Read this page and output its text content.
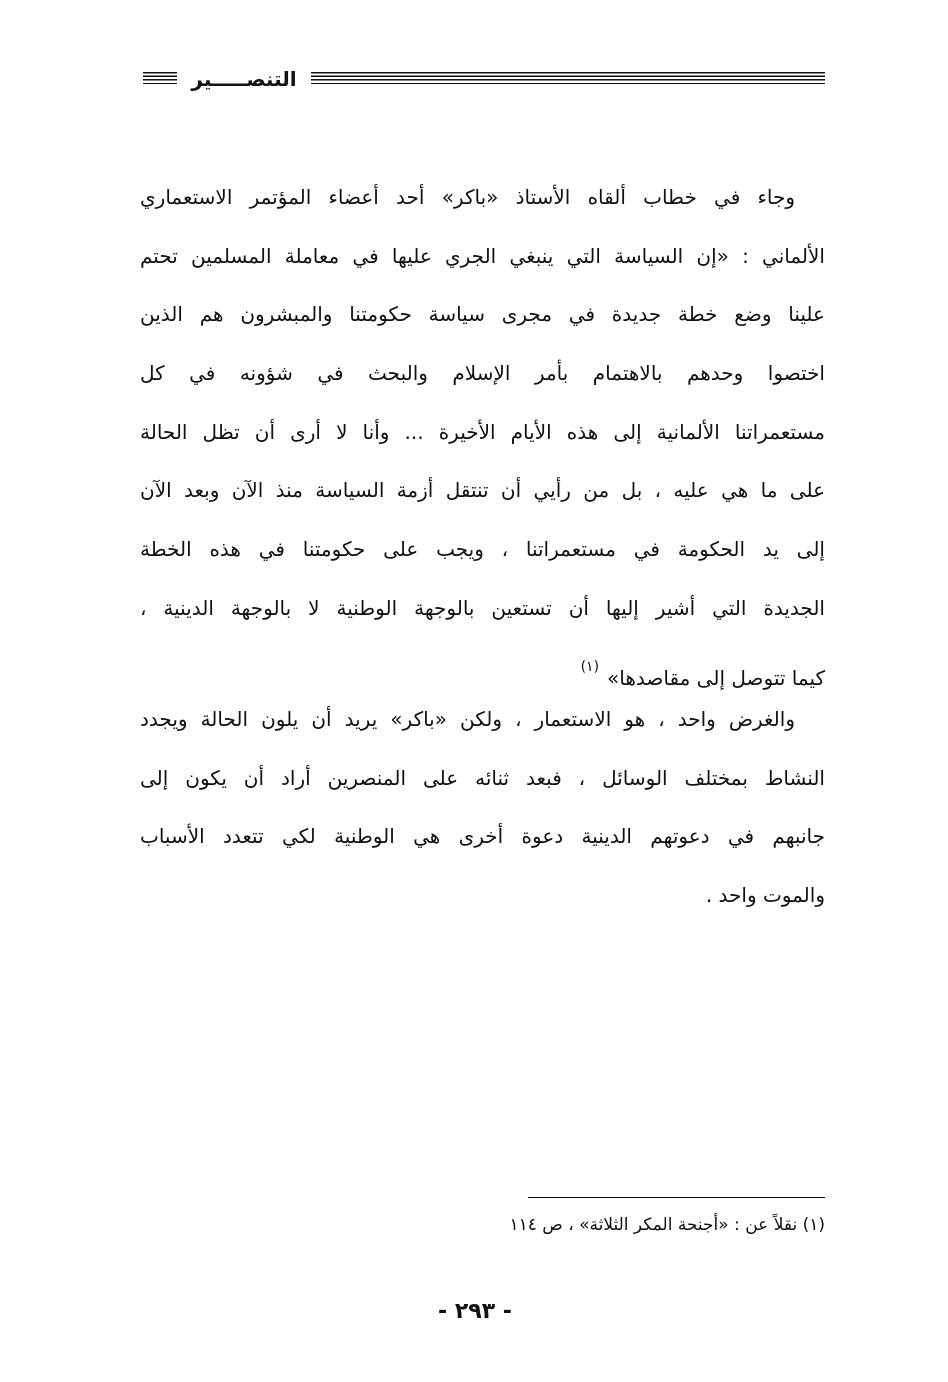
التنصـــــير
وجاء في خطاب ألقاه الأستاذ «باكر» أحد أعضاء المؤتمر الاستعماري
الألماني : «إن السياسة التي ينبغي الجري عليها في معاملة المسلمين تحتم
علينا وضع خطة جديدة في مجرى سياسة حكومتنا والمبشرون هم الذين
اختصوا وحدهم بالاهتمام بأمر الإسلام والبحث في شؤونه في كل
مستعمراتنا الألمانية إلى هذه الأيام الأخيرة ... وأنا لا أرى أن تظل الحالة
على ما هي عليه ، بل من رأيي أن تنتقل أزمة السياسة منذ الآن وبعد الآن
إلى يد الحكومة في مستعمراتنا ، ويجب على حكومتنا في هذه الخطة
الجديدة التي أشير إليها أن تستعين بالوجهة الوطنية لا بالوجهة الدينية ،
كيما تتوصل إلى مقاصدها»$^{(١)}$
والغرض واحد ، هو الاستعمار ، ولكن «باكر» يريد أن يلون الحالة ويجدد
النشاط بمختلف الوسائل ، فبعد ثنائه على المنصرين أراد أن يكون إلى
جانبهم في دعوتهم الدينية دعوة أخرى هي الوطنية لكي تتعدد الأسباب
والموت واحد .
(١) نقلاً عن : «أجنحة المكر الثلاثة» ، ص ١١٤
- ٢٩٣ -
